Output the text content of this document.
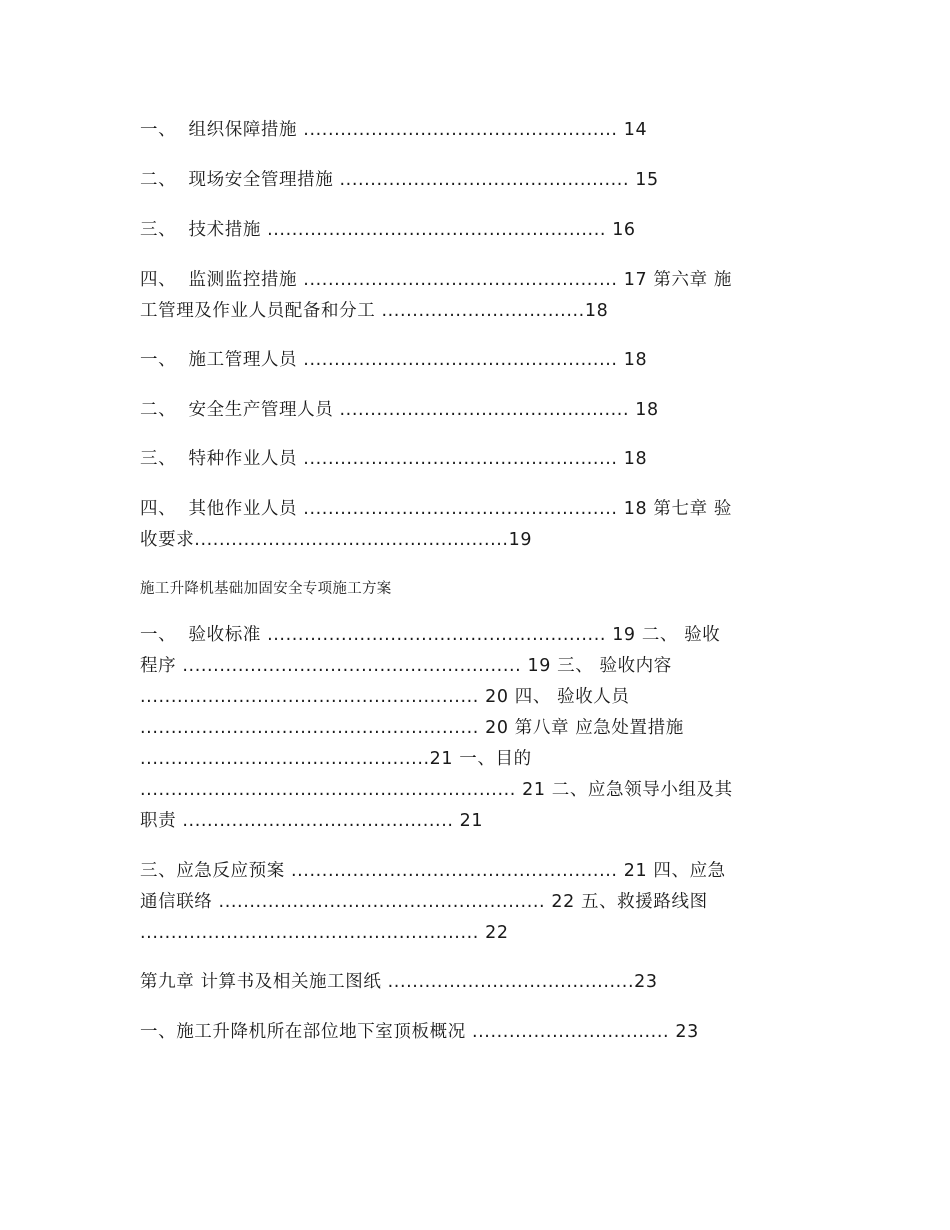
一、  组织保障措施 ................................................... 14
二、  现场安全管理措施 ............................................... 15
三、  技术措施 ....................................................... 16
四、  监测监控措施 ................................................... 17 第六章 施
工管理及作业人员配备和分工 .................................18
一、  施工管理人员 ................................................... 18
二、  安全生产管理人员 ............................................... 18
三、  特种作业人员 ................................................... 18
四、  其他作业人员 ................................................... 18 第七章 验
收要求...................................................19
施工升降机基础加固安全专项施工方案
一、  验收标准 ....................................................... 19 二、 验收
程序 ....................................................... 19 三、 验收内容
....................................................... 20 四、 验收人员
....................................................... 20 第八章 应急处置措施
...............................................21 一、目的
............................................................. 21 二、应急领导小组及其
职责 ............................................ 21
三、应急反应预案 ..................................................... 21 四、应急
通信联络 ..................................................... 22 五、救援路线图
....................................................... 22
第九章 计算书及相关施工图纸 ........................................23
一、施工升降机所在部位地下室顶板概况 ................................ 23
